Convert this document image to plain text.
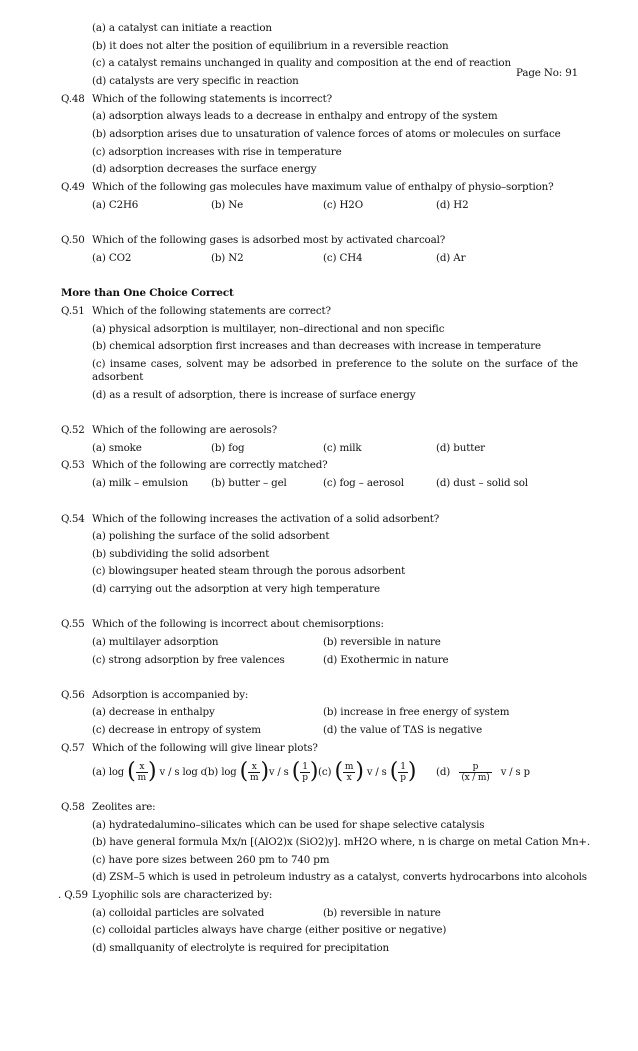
(a) a catalyst can initiate a reaction
(b) it does not alter the position of equilibrium in a reversible reaction
(c) a catalyst remains unchanged in quality and composition at the end of reaction
Page No: 91
(d) catalysts are very specific in reaction
Q.48 Which of the following statements is incorrect?
(a) adsorption always leads to a decrease in enthalpy and entropy of the system
(b) adsorption arises due to unsaturation of valence forces of atoms or molecules on surface
(c) adsorption increases with rise in temperature
(d) adsorption decreases the surface energy
Q.49 Which of the following gas molecules have maximum value of enthalpy of physio–sorption?
(a) C2H6	(b) Ne	(c) H2O	(d) H2
Q.50 Which of the following gases is adsorbed most by activated charcoal?
(a) CO2	(b) N2	(c) CH4	(d) Ar
More than One Choice Correct
Q.51 Which of the following statements are correct?
(a) physical adsorption is multilayer, non–directional and non specific
(b) chemical adsorption first increases and than decreases with increase in temperature
(c) insame cases, solvent may be adsorbed in preference to the solute on the surface of the adsorbent
(d) as a result of adsorption, there is increase of surface energy
Q.52 Which of the following are aerosols?
(a) smoke	(b) fog	(c) milk	(d) butter
Q.53 Which of the following are correctly matched?
(a) milk – emulsion (b) butter – gel	(c) fog – aerosol	(d) dust – solid sol
Q.54 Which of the following increases the activation of a solid adsorbent?
(a) polishing the surface of the solid adsorbent
(b) subdividing the solid adsorbent
(c) blowingsuper heated steam through the porous adsorbent
(d) carrying out the adsorption at very high temperature
Q.55 Which of the following is incorrect about chemisorptions:
(a) multilayer adsorption	(b) reversible in nature
(c) strong adsorption by free valences	(d) Exothermic in nature
Q.56 Adsorption is accompanied by:
(a) decrease in enthalpy	(b) increase in free energy of system
(c) decrease in entropy of system	(d) the value of TΔS is negative
Q.57 Which of the following will give linear plots?
(a) log ( $\frac{x}{m}$ ) v / s log c
(b) log ( $\frac{x}{m} )v$ / s ( $\frac{1}{p}$ ) (c) ( $\frac{m}{x}$ ) v / s ( $\frac{1}{p}$ ) $(d) \frac{p}{(x / m)}$ v / s p
Q.58 Zeolites are:
(a) hydratedalumino–silicates which can be used for shape selective catalysis
(b) have general formula Mx/n [(AlO2)x (SiO2)y]. mH2O where, n is charge on metal Cation Mn+.
(c) have pore sizes between 260 pm to 740 pm
(d) ZSM–5 which is used in petroleum industry as a catalyst, converts hydrocarbons into alcohols
. Q.59 Lyophilic sols are characterized by:
(a) colloidal particles are solvated	(b) reversible in nature
(c) colloidal particles always have charge (either positive or negative)
(d) smallquanity of electrolyte is required for precipitation
